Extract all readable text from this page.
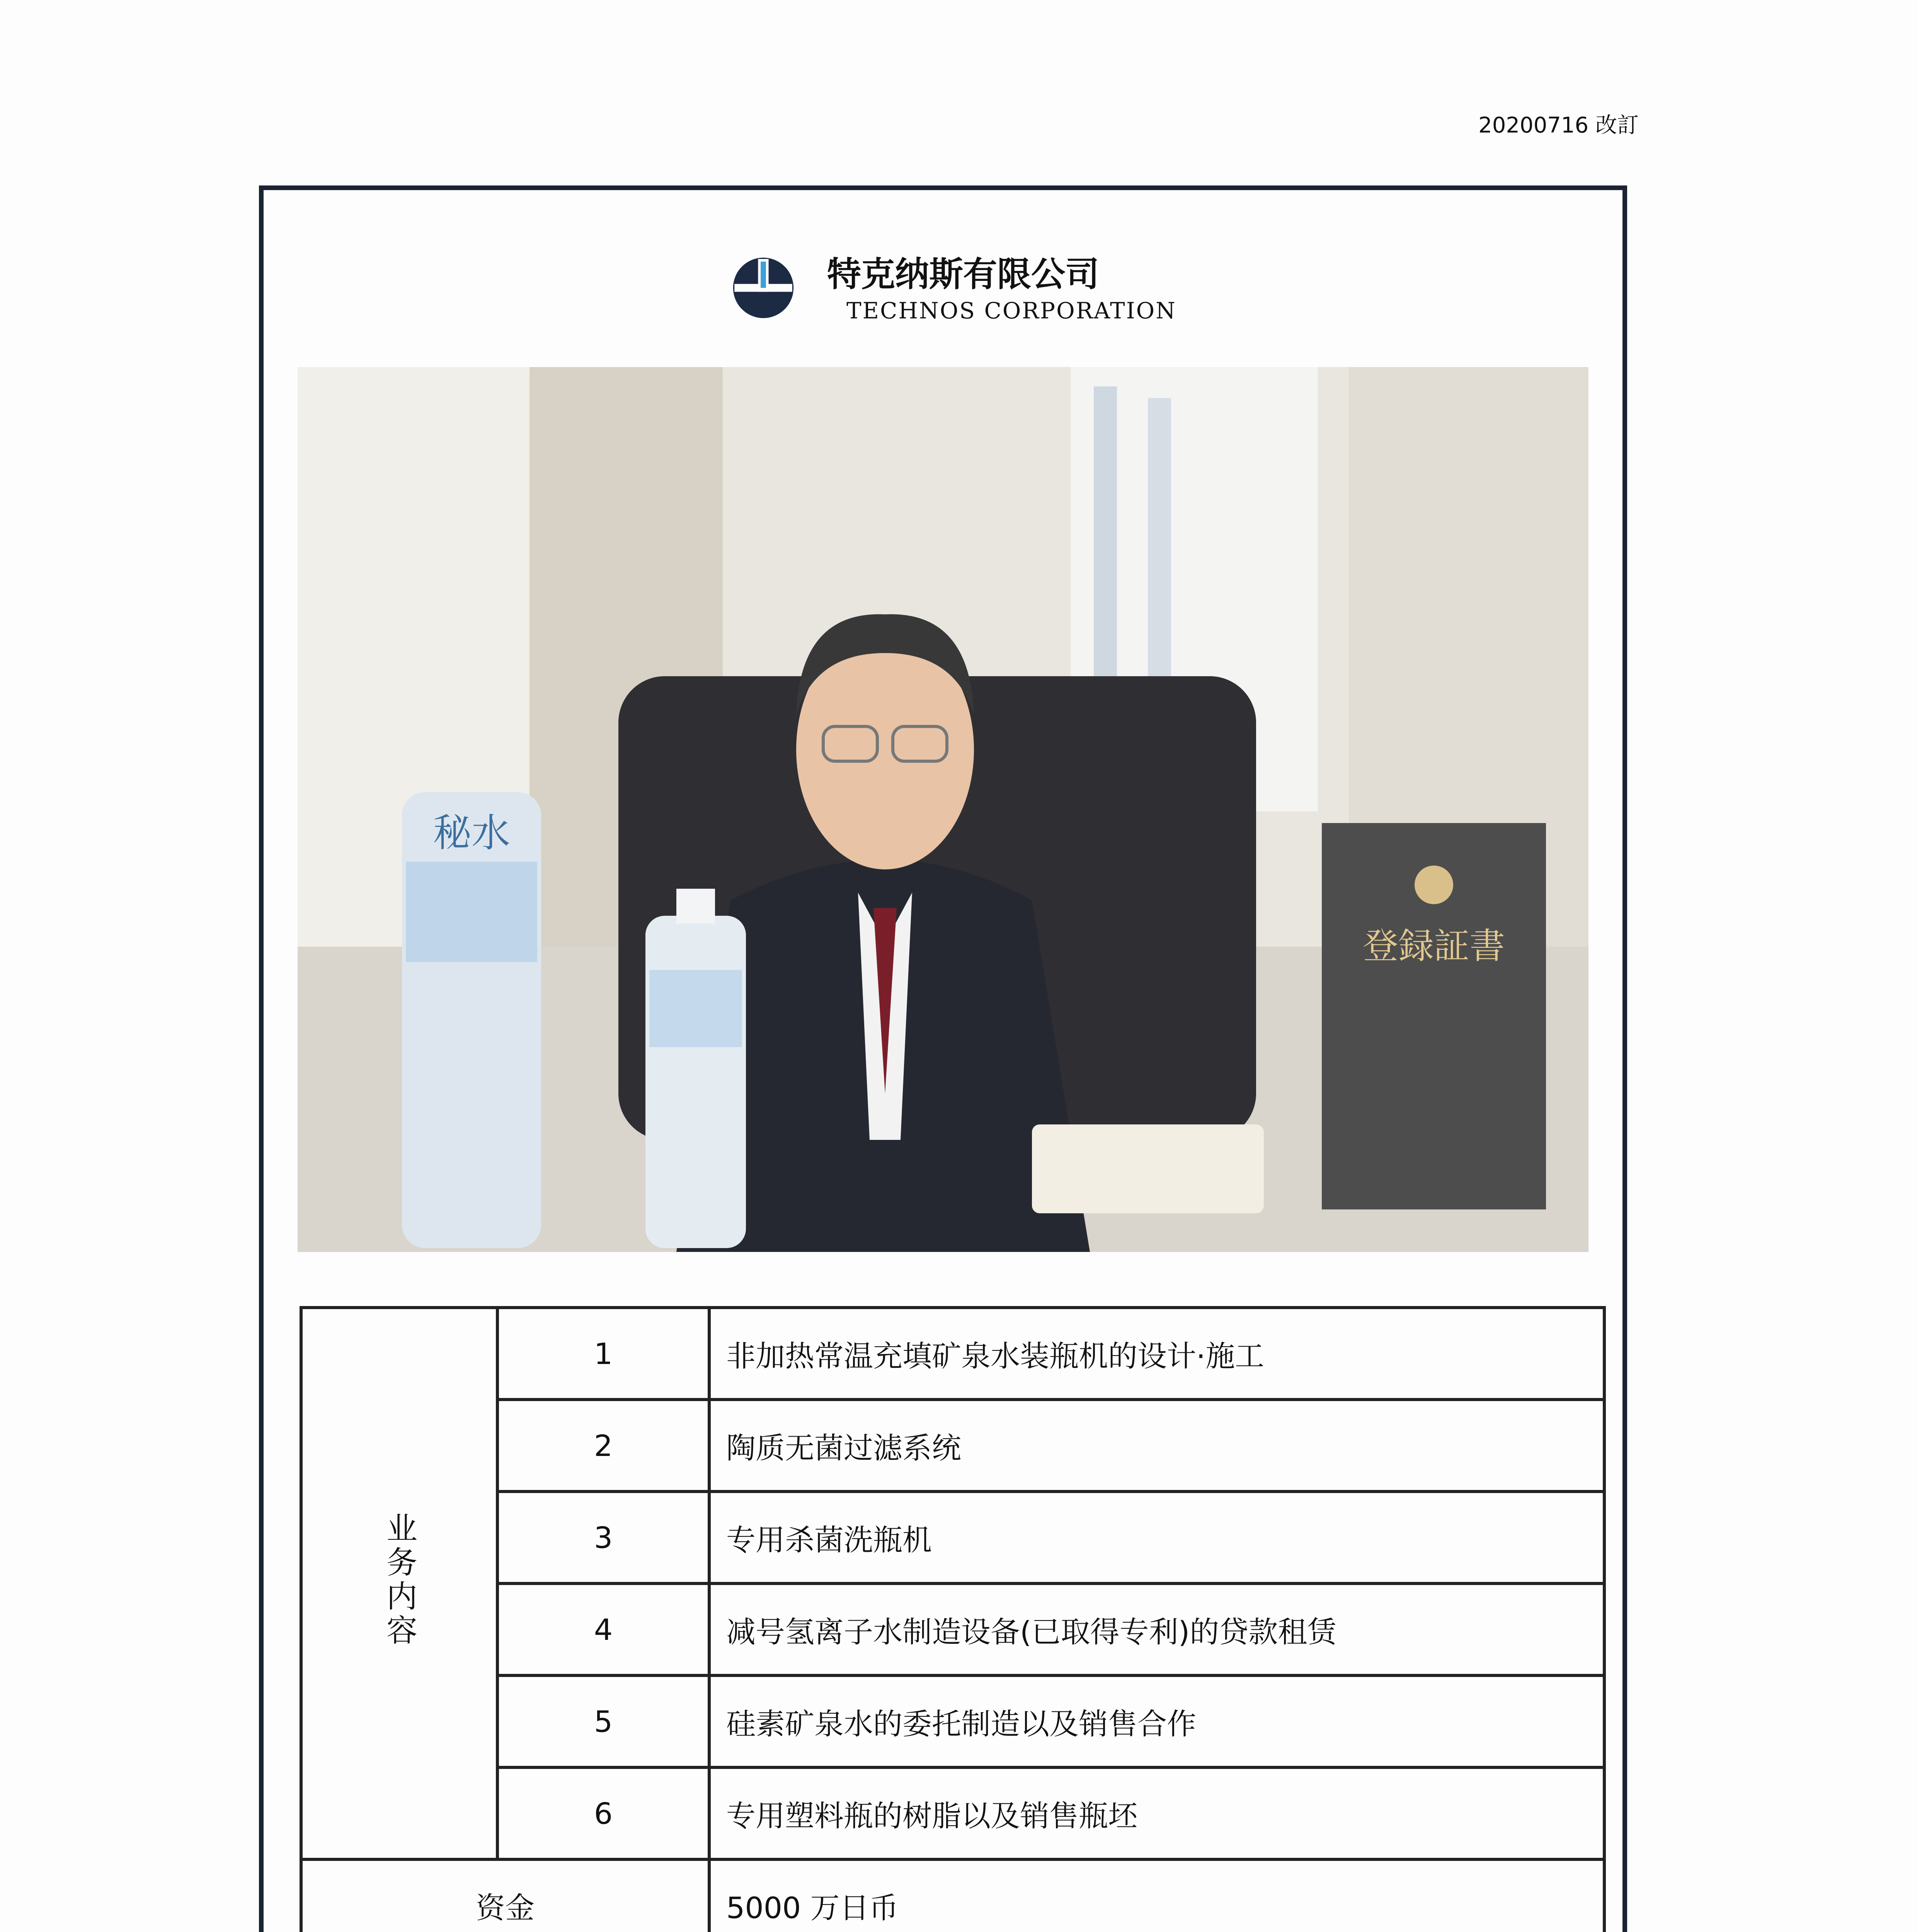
20200716 改訂
特克纳斯有限公司
TECHNOS CORPORATION
登録証書
秘水
业务内容	1	非加热常温充填矿泉水装瓶机的设计·施工
	2	陶质无菌过滤系统
	3	专用杀菌洗瓶机
	4	减号氢离子水制造设备(已取得专利)的贷款租赁
	5	硅素矿泉水的委托制造以及销售合作
	6	专用塑料瓶的树脂以及销售瓶坯
资金		5000 万日币
